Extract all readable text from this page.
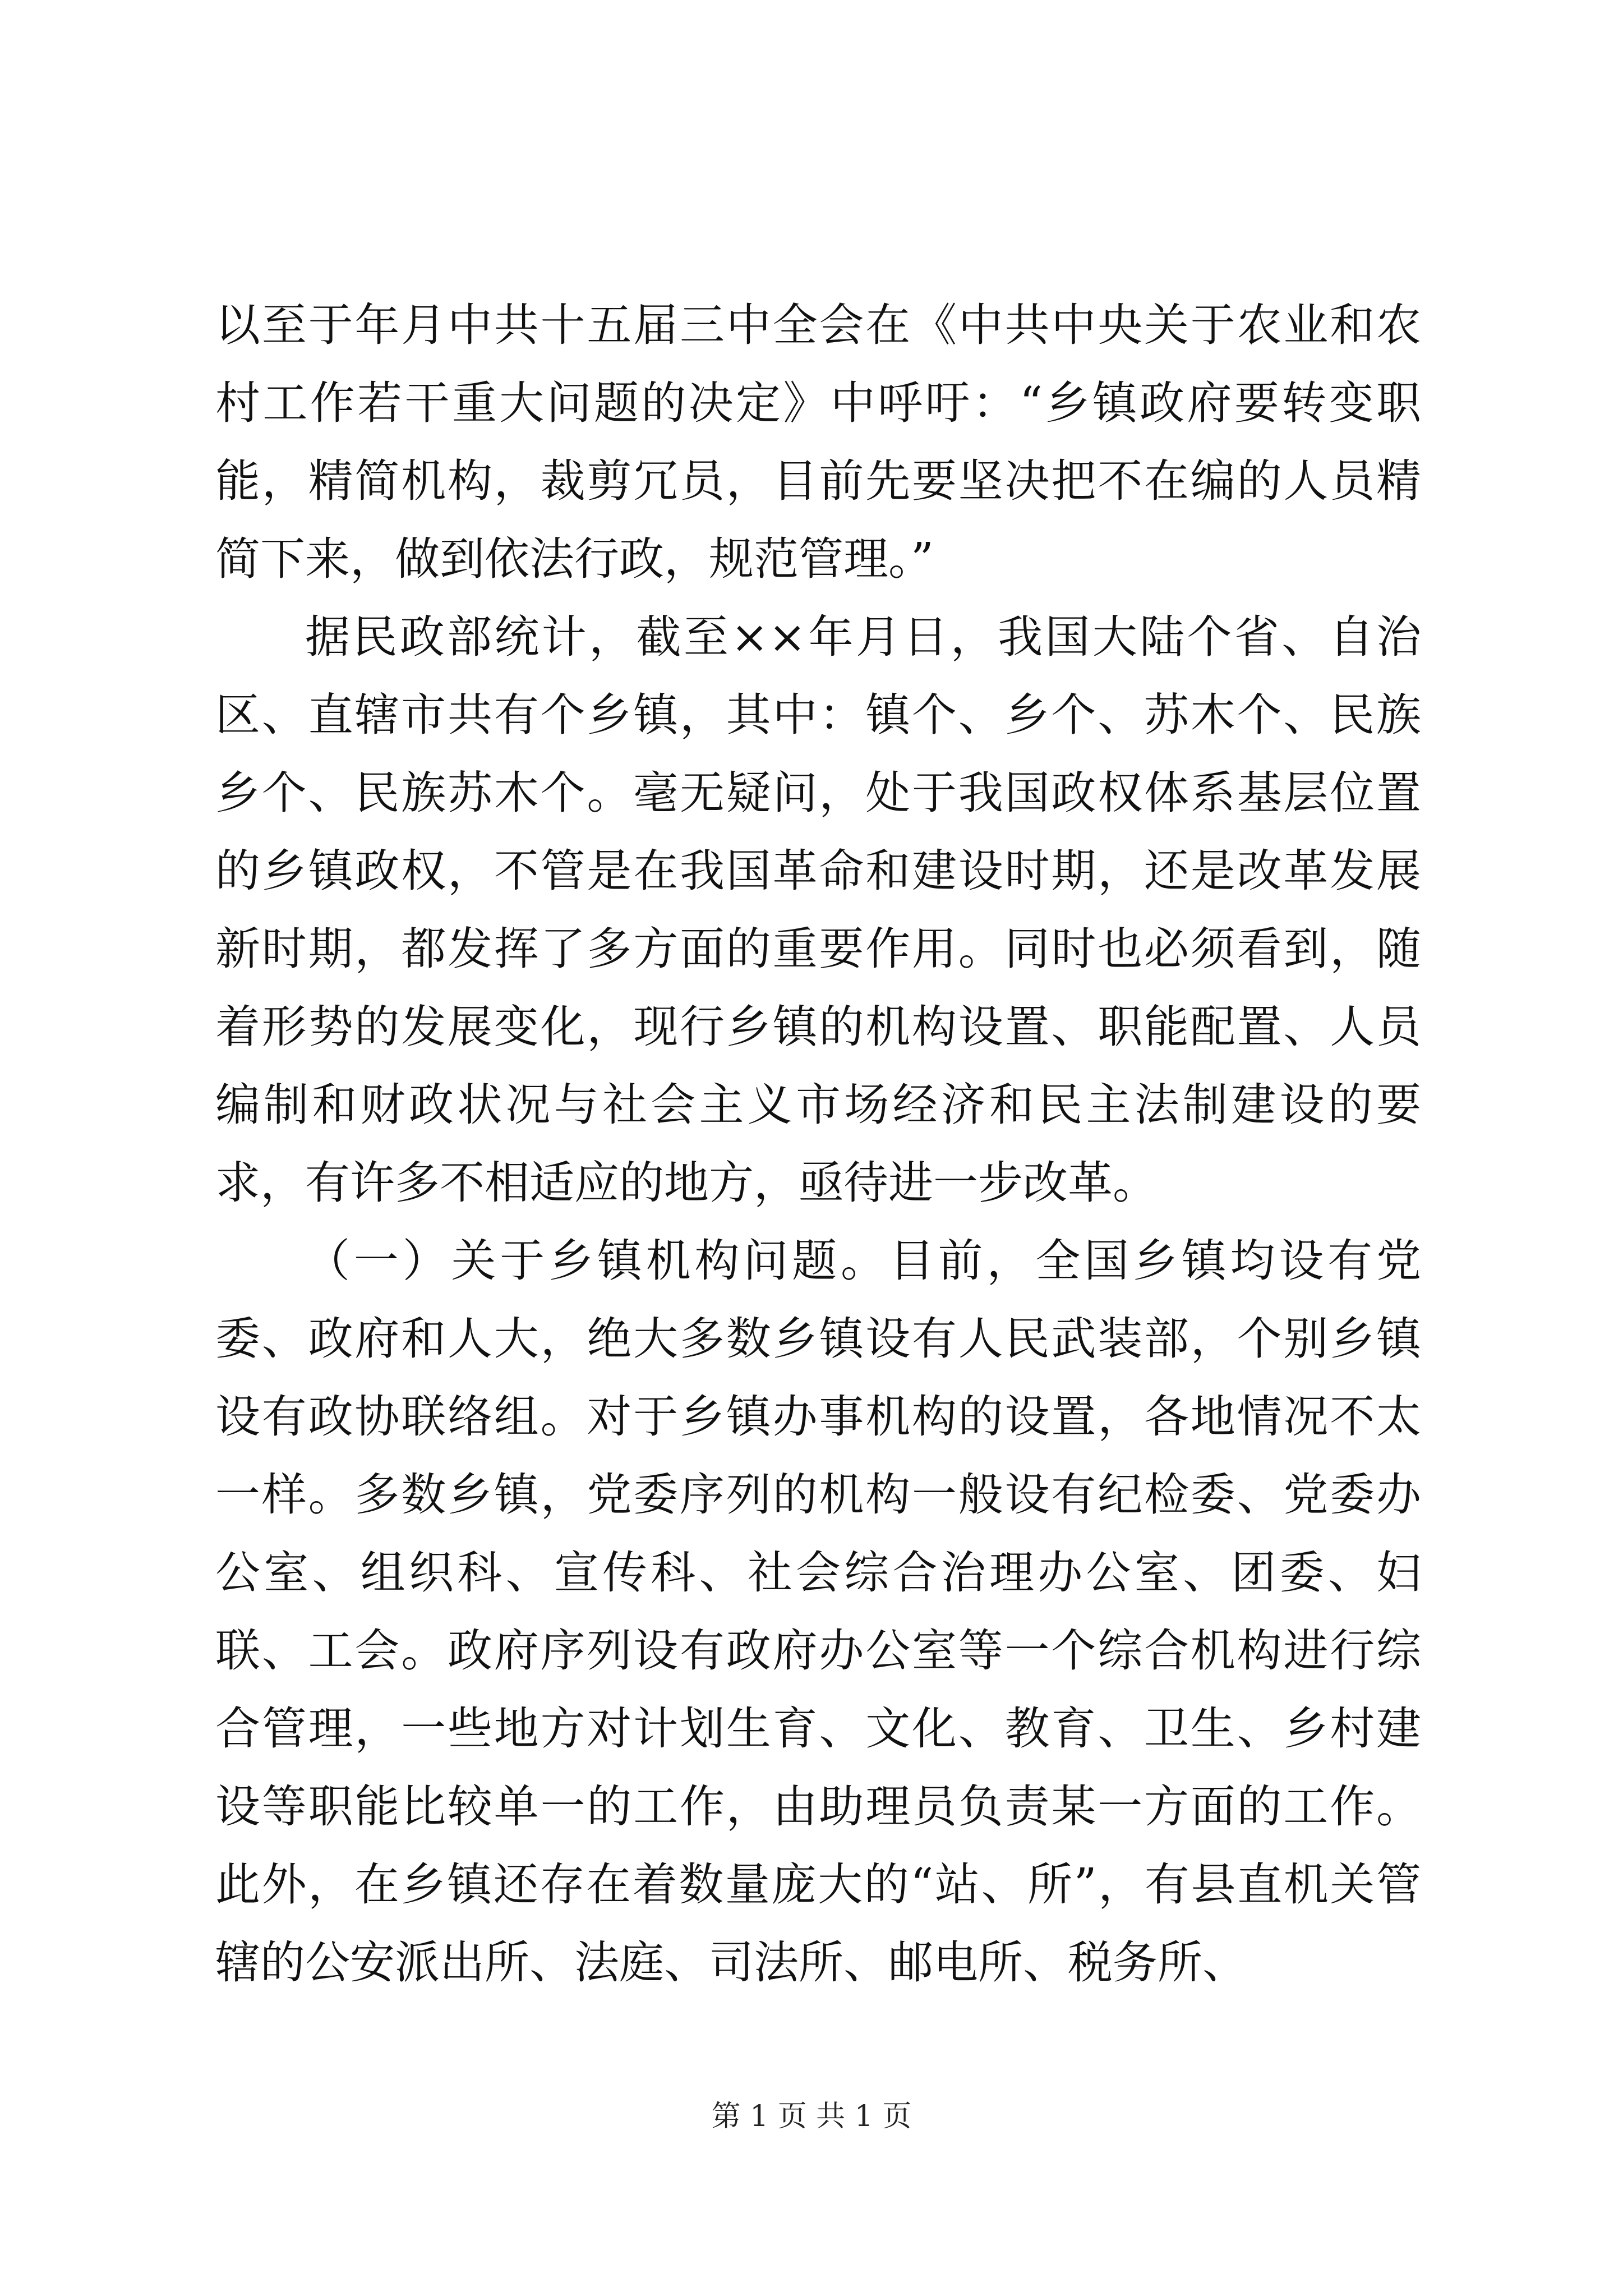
以至于年月中共十五届三中全会在《中共中央关于农业和农村工作若干重大问题的决定》中呼吁：“乡镇政府要转变职能，精简机构，裁剪冗员，目前先要坚决把不在编的人员精简下来，做到依法行政，规范管理。”

据民政部统计，截至××年月日，我国大陆个省、自治区、直辖市共有个乡镇，其中：镇个、乡个、苏木个、民族乡个、民族苏木个。毫无疑问，处于我国政权体系基层位置的乡镇政权，不管是在我国革命和建设时期，还是改革发展新时期，都发挥了多方面的重要作用。同时也必须看到，随着形势的发展变化，现行乡镇的机构设置、职能配置、人员编制和财政状况与社会主义市场经济和民主法制建设的要求，有许多不相适应的地方，亟待进一步改革。

（一）关于乡镇机构问题。目前，全国乡镇均设有党委、政府和人大，绝大多数乡镇设有人民武装部，个别乡镇设有政协联络组。对于乡镇办事机构的设置，各地情况不太一样。多数乡镇，党委序列的机构一般设有纪检委、党委办公室、组织科、宣传科、社会综合治理办公室、团委、妇联、工会。政府序列设有政府办公室等一个综合机构进行综合管理，一些地方对计划生育、文化、教育、卫生、乡村建设等职能比较单一的工作，由助理员负责某一方面的工作。此外，在乡镇还存在着数量庞大的“站、所”，有县直机关管辖的公安派出所、法庭、司法所、邮电所、税务所、

第 1 页 共 1 页
